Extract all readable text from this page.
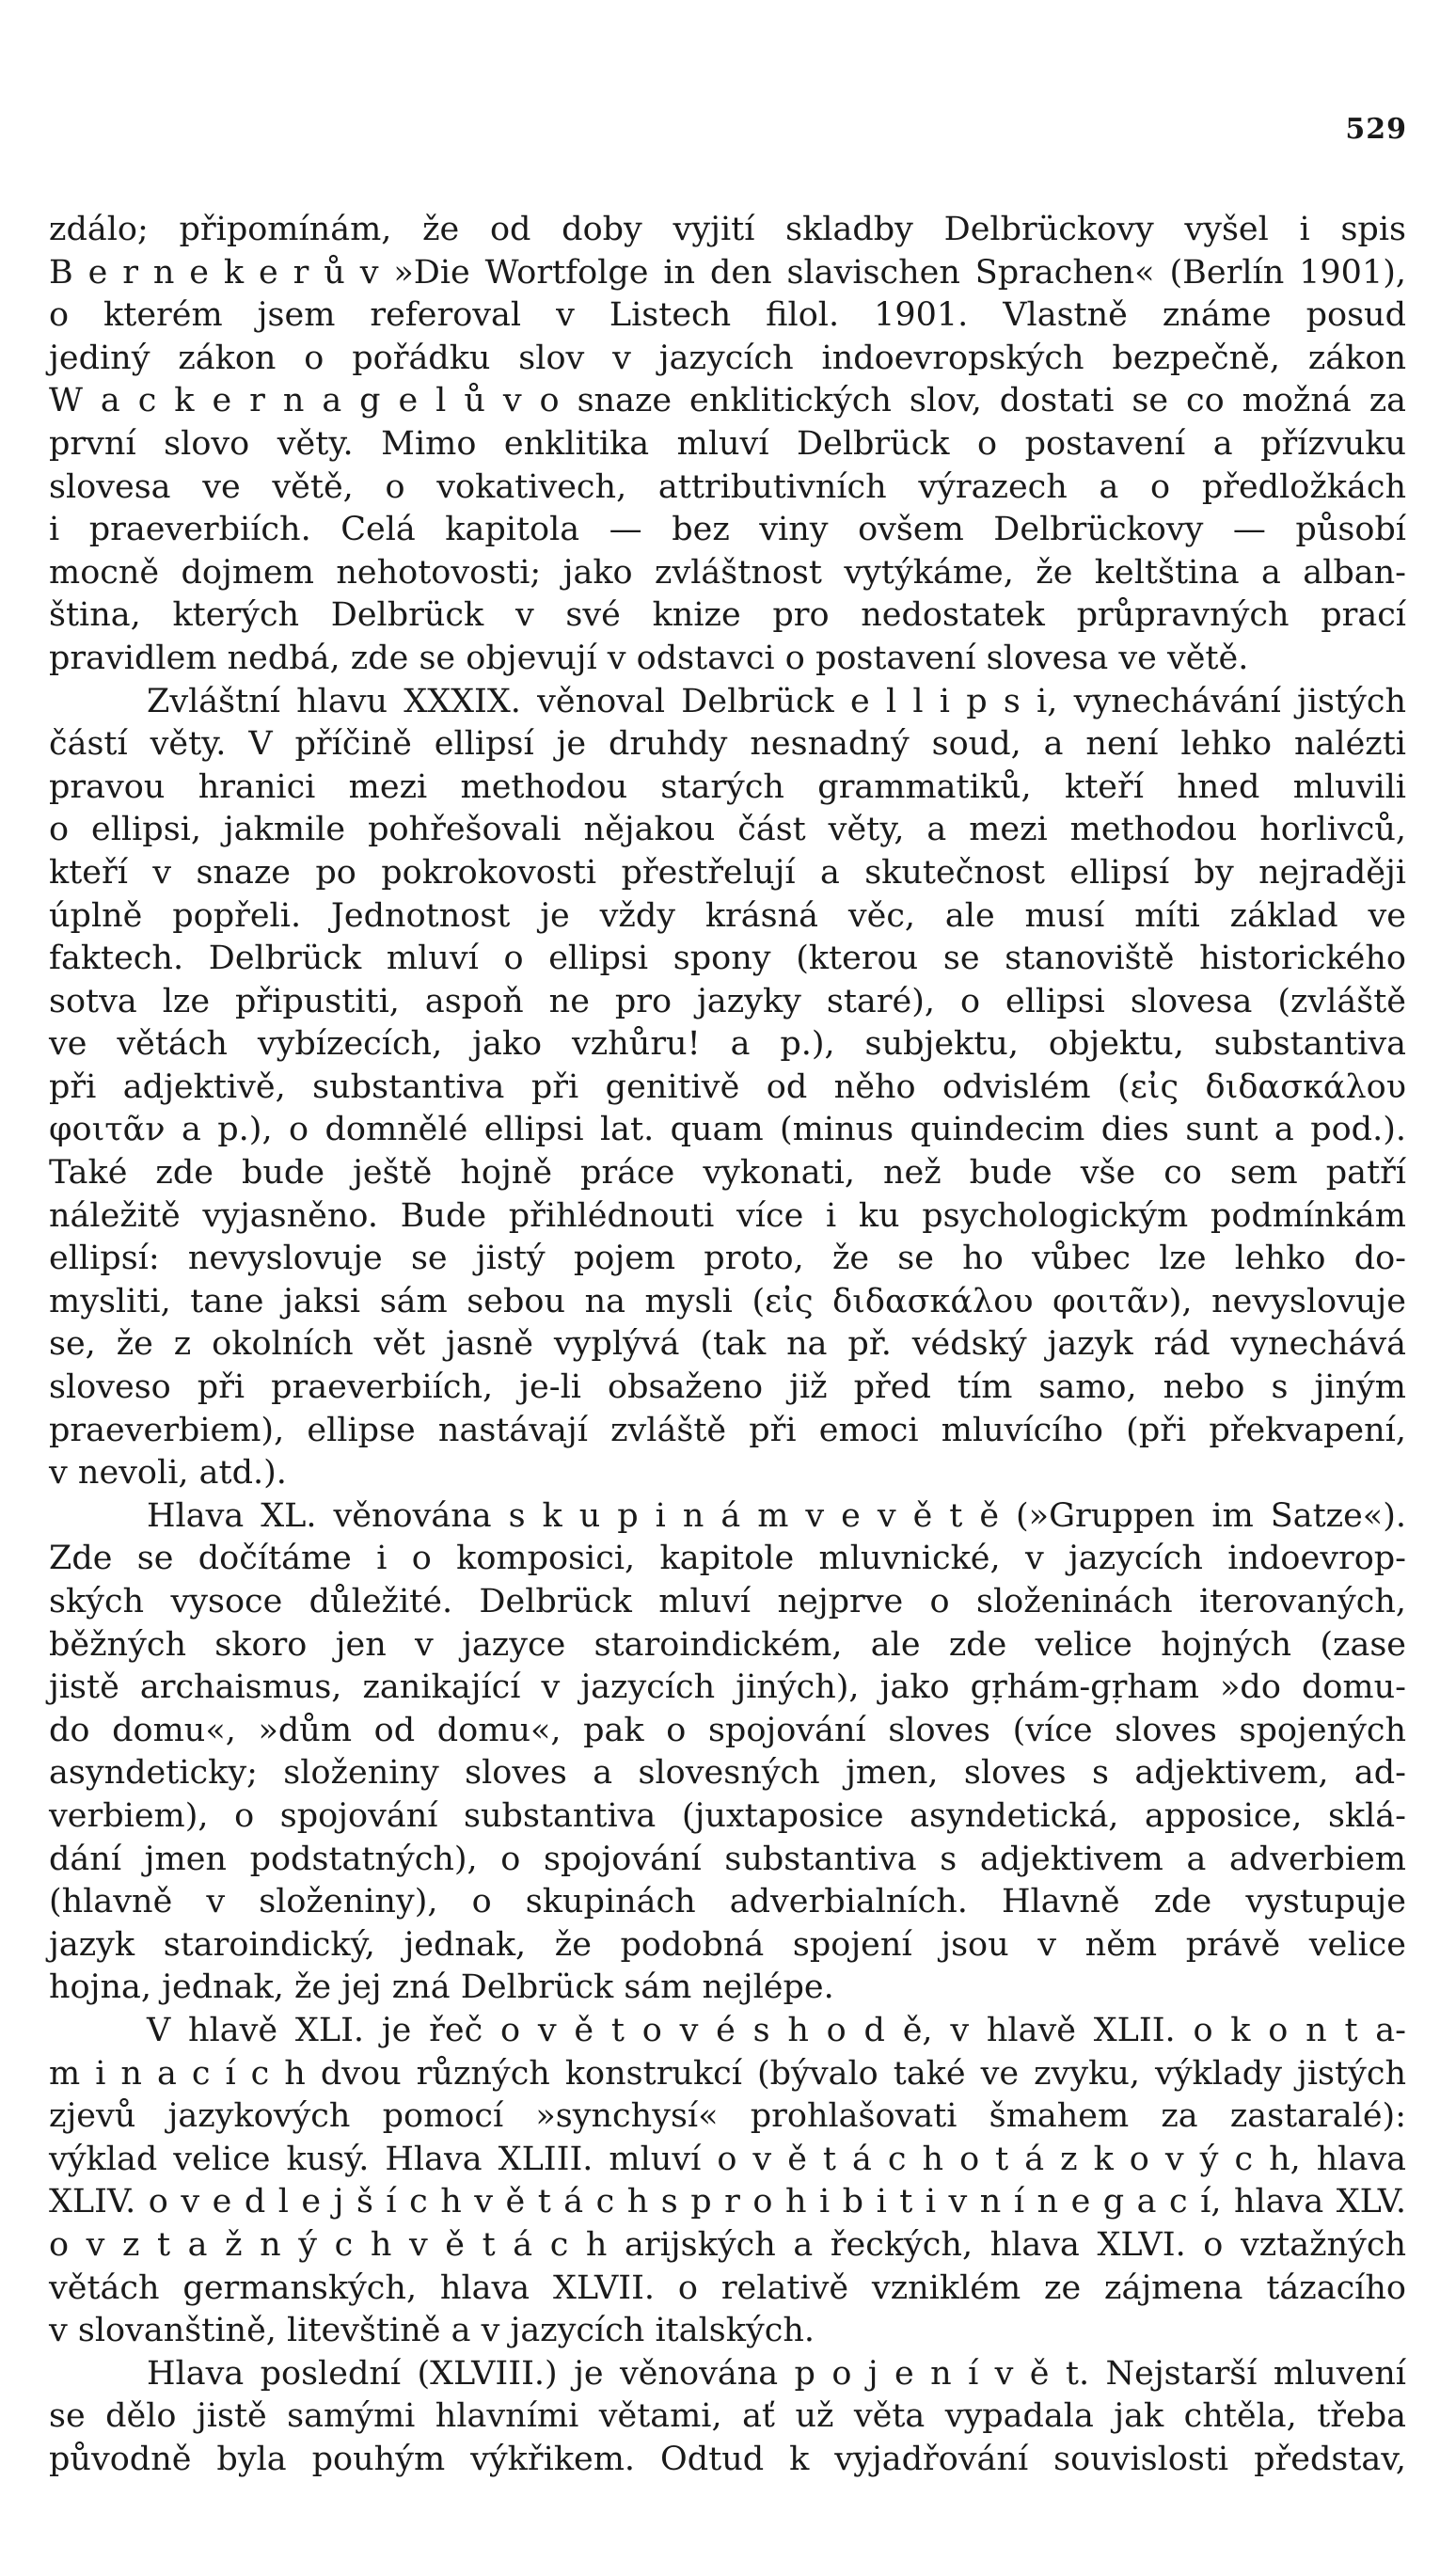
529
zdálo; připomínám, že od doby vyjití skladby Delbrückovy vyšel i spis
B e r n e k e r ů v »Die Wortfolge in den slavischen Sprachen« (Berlín 1901),
o kterém jsem referoval v Listech filol. 1901. Vlastně známe posud
jediný zákon o pořádku slov v jazycích indoevropských bezpečně, zákon
W a c k e r n a g e l ů v o snaze enklitických slov, dostati se co možná za
první slovo věty. Mimo enklitika mluví Delbrück o postavení a přízvuku
slovesa ve větě, o vokativech, attributivních výrazech a o předložkách
i praeverbiích. Celá kapitola — bez viny ovšem Delbrückovy — působí
mocně dojmem nehotovosti; jako zvláštnost vytýkáme, že keltština a alban-
ština, kterých Delbrück v své knize pro nedostatek průpravných prací
pravidlem nedbá, zde se objevují v odstavci o postavení slovesa ve větě.
Zvláštní hlavu XXXIX. věnoval Delbrück e l l i p s i, vynechávání jistých
částí věty. V příčině ellipsí je druhdy nesnadný soud, a není lehko nalézti
pravou hranici mezi methodou starých grammatiků, kteří hned mluvili
o ellipsi, jakmile pohřešovali nějakou část věty, a mezi methodou horlivců,
kteří v snaze po pokrokovosti přestřelují a skutečnost ellipsí by nejraději
úplně popřeli. Jednotnost je vždy krásná věc, ale musí míti základ ve
faktech. Delbrück mluví o ellipsi spony (kterou se stanoviště historického
sotva lze připustiti, aspoň ne pro jazyky staré), o ellipsi slovesa (zvláště
ve větách vybízecích, jako vzhůru! a p.), subjektu, objektu, substantiva
při adjektivě, substantiva při genitivě od něho odvislém (εἰς διδασκάλου
φοιτᾶν a p.), o domnělé ellipsi lat. quam (minus quindecim dies sunt a pod.).
Také zde bude ještě hojně práce vykonati, než bude vše co sem patří
náležitě vyjasněno. Bude přihlédnouti více i ku psychologickým podmínkám
ellipsí: nevyslovuje se jistý pojem proto, že se ho vůbec lze lehko do-
mysliti, tane jaksi sám sebou na mysli (εἰς διδασκάλου φοιτᾶν), nevyslovuje
se, že z okolních vět jasně vyplývá (tak na př. védský jazyk rád vynechává
sloveso při praeverbiích, je-li obsaženo již před tím samo, nebo s jiným
praeverbiem), ellipse nastávají zvláště při emoci mluvícího (při překvapení,
v nevoli, atd.).
Hlava XL. věnována s k u p i n á m v e v ě t ě (»Gruppen im Satze«).
Zde se dočítáme i o komposici, kapitole mluvnické, v jazycích indoevrop-
ských vysoce důležité. Delbrück mluví nejprve o složeninách iterovaných,
běžných skoro jen v jazyce staroindickém, ale zde velice hojných (zase
jistě archaismus, zanikající v jazycích jiných), jako gṛhám-gṛham »do domu-
do domu«, »dům od domu«, pak o spojování sloves (více sloves spojených
asyndeticky; složeniny sloves a slovesných jmen, sloves s adjektivem, ad-
verbiem), o spojování substantiva (juxtaposice asyndetická, apposice, sklá-
dání jmen podstatných), o spojování substantiva s adjektivem a adverbiem
(hlavně v složeniny), o skupinách adverbialních. Hlavně zde vystupuje
jazyk staroindický, jednak, že podobná spojení jsou v něm právě velice
hojna, jednak, že jej zná Delbrück sám nejlépe.
V hlavě XLI. je řeč o v ě t o v é s h o d ě, v hlavě XLII. o k o n t a-
m i n a c í c h dvou různých konstrukcí (bývalo také ve zvyku, výklady jistých
zjevů jazykových pomocí »synchysí« prohlašovati šmahem za zastaralé):
výklad velice kusý. Hlava XLIII. mluví o v ě t á c h o t á z k o v ý c h, hlava
XLIV. o v e d l e j š í c h v ě t á c h s p r o h i b i t i v n í n e g a c í, hlava XLV.
o v z t a ž n ý c h v ě t á c h arijských a řeckých, hlava XLVI. o vztažných
větách germanských, hlava XLVII. o relativě vzniklém ze zájmena tázacího
v slovanštině, litevštině a v jazycích italských.
Hlava poslední (XLVIII.) je věnována p o j e n í v ě t. Nejstarší mluvení
se dělo jistě samými hlavními větami, ať už věta vypadala jak chtěla, třeba
původně byla pouhým výkřikem. Odtud k vyjadřování souvislosti představ,
